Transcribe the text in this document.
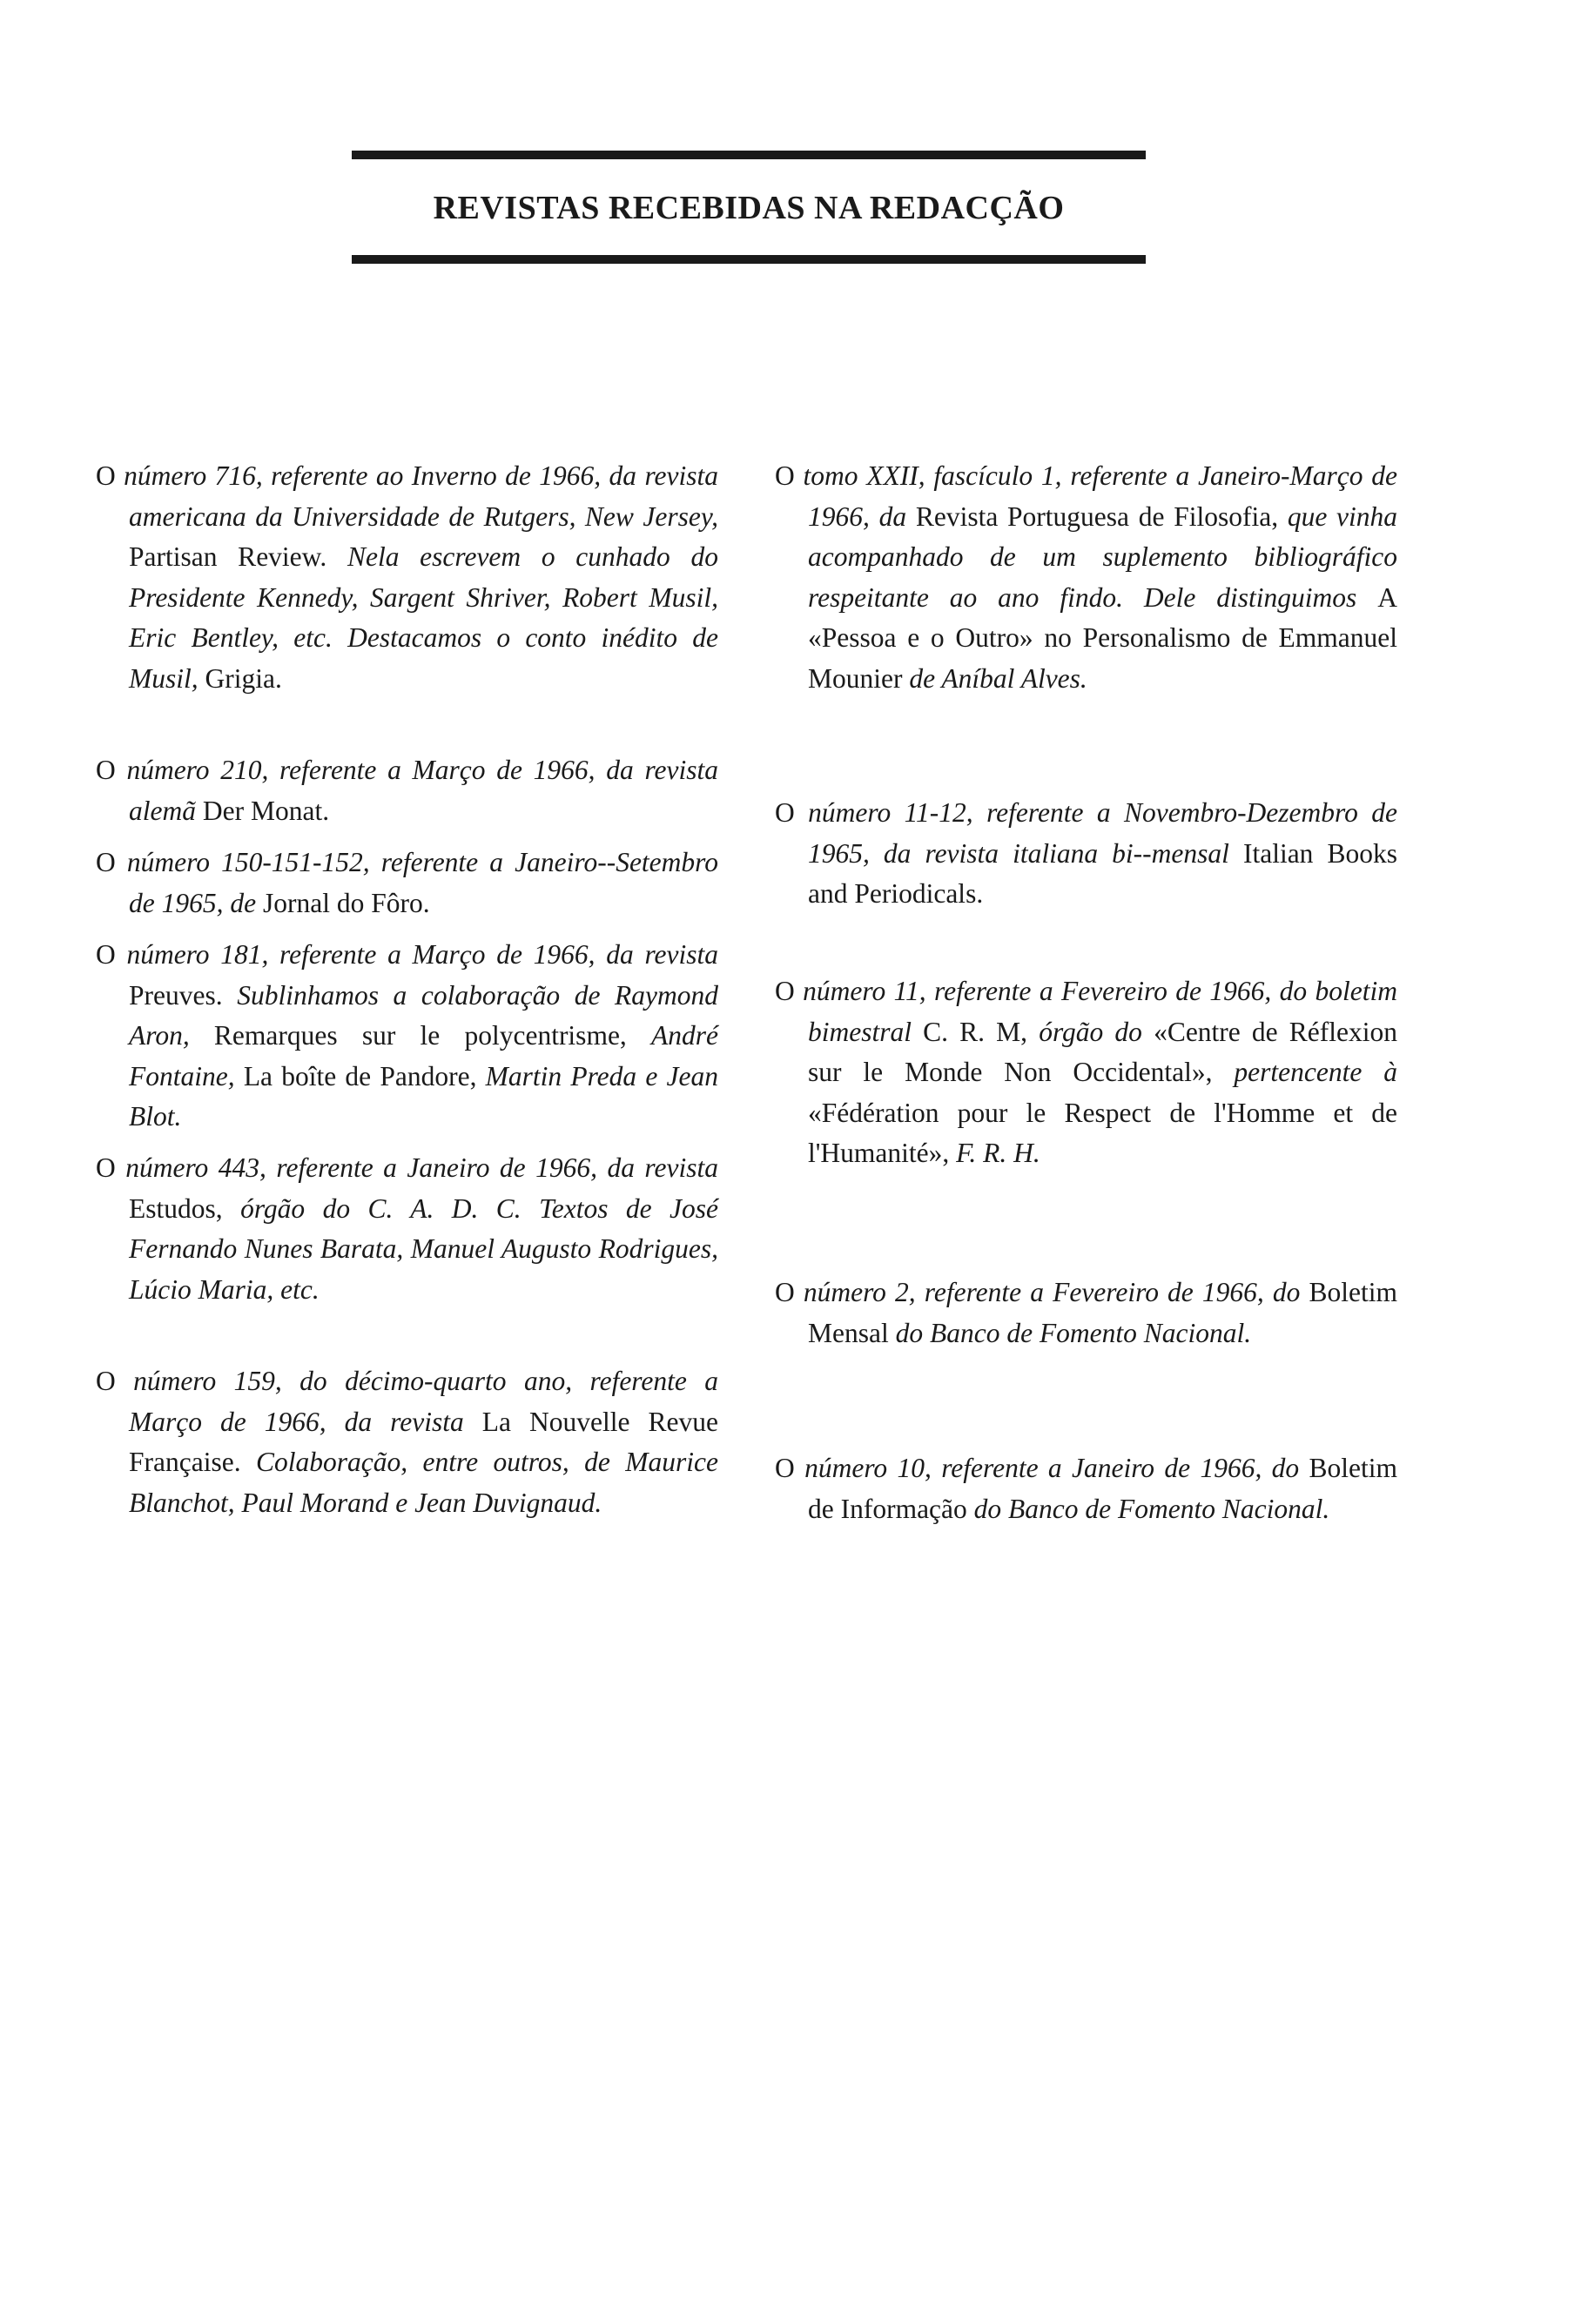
REVISTAS RECEBIDAS NA REDACÇÃO

O número 716, referente ao Inverno de 1966, da revista americana da Universidade de Rutgers, New Jersey, Partisan Review. Nela escrevem o cunhado do Presidente Kennedy, Sargent Shriver, Robert Musil, Eric Bentley, etc. Destacamos o conto inédito de Musil, Grigia.

O número 210, referente a Março de 1966, da revista alemã Der Monat.

O número 150-151-152, referente a Janeiro--Setembro de 1965, de Jornal do Fôro.

O número 181, referente a Março de 1966, da revista Preuves. Sublinhamos a colaboração de Raymond Aron, Remarques sur le polycentrisme, André Fontaine, La boîte de Pandore, Martin Preda e Jean Blot.

O número 443, referente a Janeiro de 1966, da revista Estudos, órgão do C. A. D. C. Textos de José Fernando Nunes Barata, Manuel Augusto Rodrigues, Lúcio Maria, etc.

O número 159, do décimo-quarto ano, referente a Março de 1966, da revista La Nouvelle Revue Française. Colaboração, entre outros, de Maurice Blanchot, Paul Morand e Jean Duvignaud.

O tomo XXII, fascículo 1, referente a Janeiro-Março de 1966, da Revista Portuguesa de Filosofia, que vinha acompanhado de um suplemento bibliográfico respeitante ao ano findo. Dele distinguimos A «Pessoa e o Outro» no Personalismo de Emmanuel Mounier de Aníbal Alves.

O número 11-12, referente a Novembro-Dezembro de 1965, da revista italiana bi--mensal Italian Books and Periodicals.

O número 11, referente a Fevereiro de 1966, do boletim bimestral C. R. M, órgão do «Centre de Réflexion sur le Monde Non Occidental», pertencente à «Fédération pour le Respect de l'Homme et de l'Humanité», F. R. H.

O número 2, referente a Fevereiro de 1966, do Boletim Mensal do Banco de Fomento Nacional.

O número 10, referente a Janeiro de 1966, do Boletim de Informação do Banco de Fomento Nacional.
